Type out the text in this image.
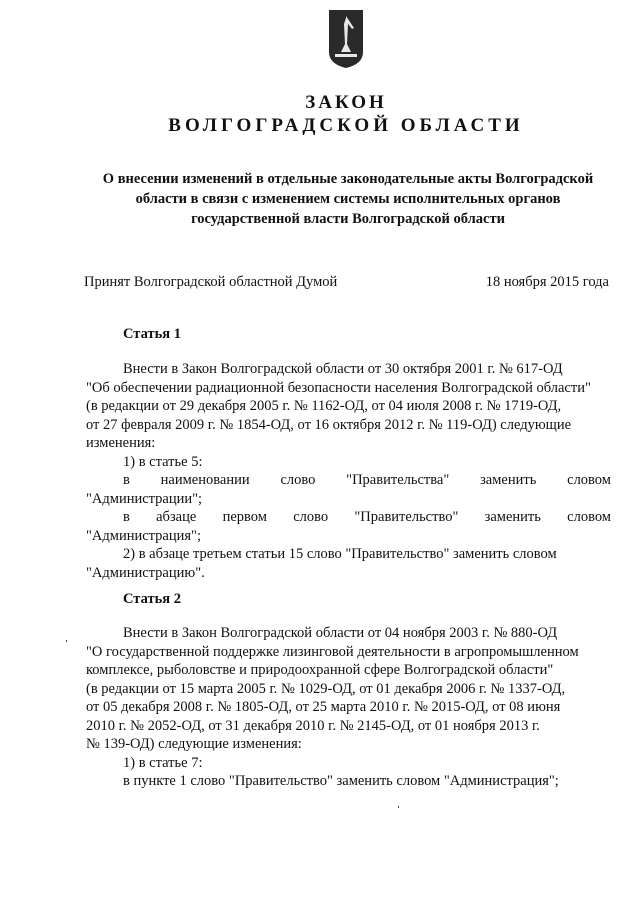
ЗАКОН
ВОЛГОГРАДСКОЙ ОБЛАСТИ
О внесении изменений в отдельные законодательные акты Волгоградской
области в связи с изменением системы исполнительных органов
государственной власти Волгоградской области
Принят Волгоградской областной Думой	18 ноября 2015 года
Статья 1
Внести в Закон Волгоградской области от 30 октября 2001 г. № 617-ОД
"Об обеспечении радиационной безопасности населения Волгоградской области"
(в редакции от 29 декабря 2005 г. № 1162-ОД, от 04 июля 2008 г. № 1719-ОД,
от 27 февраля 2009 г. № 1854-ОД, от 16 октября 2012 г. № 119-ОД) следующие
изменения:
1) в статье 5:
в наименовании слово "Правительства" заменить словом
"Администрации";
в абзаце первом слово "Правительство" заменить словом
"Администрация";
2) в абзаце третьем статьи 15 слово "Правительство" заменить словом
"Администрацию".
Статья 2
Внести в Закон Волгоградской области от 04 ноября 2003 г. № 880-ОД
"О государственной поддержке лизинговой деятельности в агропромышленном
комплексе, рыболовстве и природоохранной сфере Волгоградской области"
(в редакции от 15 марта 2005 г. № 1029-ОД, от 01 декабря 2006 г. № 1337-ОД,
от 05 декабря 2008 г. № 1805-ОД, от 25 марта 2010 г. № 2015-ОД, от 08 июня
2010 г. № 2052-ОД, от 31 декабря 2010 г. № 2145-ОД, от 01 ноября 2013 г.
№ 139-ОД) следующие изменения:
1) в статье 7:
в пункте 1 слово "Правительство" заменить словом "Администрация";
